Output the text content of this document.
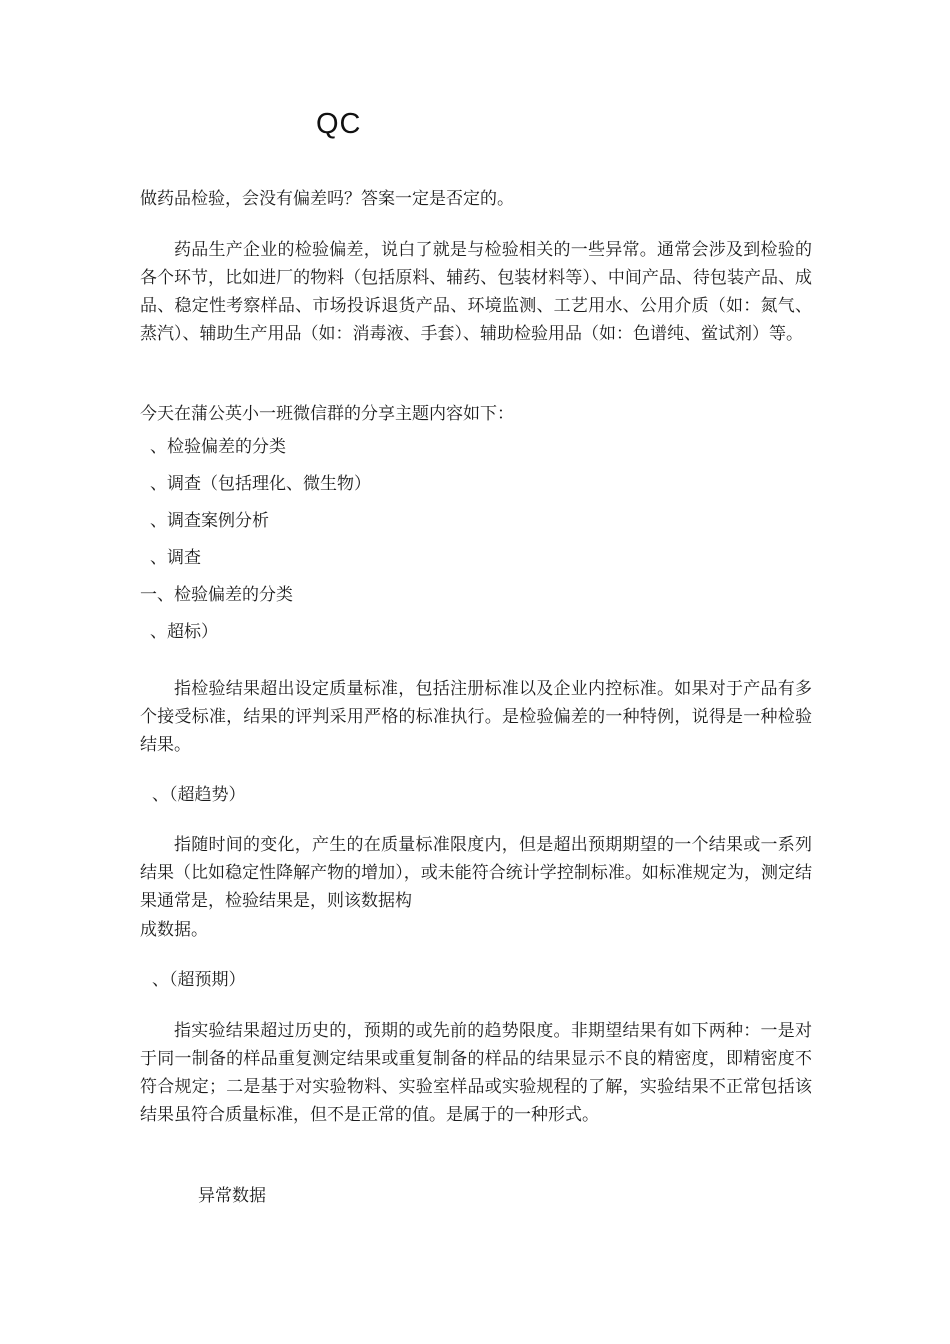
QC

做药品检验，会没有偏差吗？答案一定是否定的。

药品生产企业的检验偏差，说白了就是与检验相关的一些异常。通常会涉及到检验的各个环节，比如进厂的物料（包括原料、辅药、包装材料等）、中间产品、待包装产品、成品、稳定性考察样品、市场投诉退货产品、环境监测、工艺用水、公用介质（如：氮气、蒸汽）、辅助生产用品（如：消毒液、手套）、辅助检验用品（如：色谱纯、鲎试剂）等。

今天在蒲公英小一班微信群的分享主题内容如下：

、检验偏差的分类

、调查（包括理化、微生物）

、调查案例分析

、调查

一、检验偏差的分类

、超标）

指检验结果超出设定质量标准，包括注册标准以及企业内控标准。如果对于产品有多个接受标准，结果的评判采用严格的标准执行。是检验偏差的一种特例，说得是一种检验结果。

、（超趋势）

指随时间的变化，产生的在质量标准限度内，但是超出预期期望的一个结果或一系列结果（比如稳定性降解产物的增加），或未能符合统计学控制标准。如标准规定为，测定结果通常是，检验结果是，则该数据构

成数据。

、（超预期）

指实验结果超过历史的，预期的或先前的趋势限度。非期望结果有如下两种：一是对于同一制备的样品重复测定结果或重复制备的样品的结果显示不良的精密度，即精密度不符合规定；二是基于对实验物料、实验室样品或实验规程的了解，实验结果不正常包括该结果虽符合质量标准，但不是正常的值。是属于的一种形式。

异常数据
